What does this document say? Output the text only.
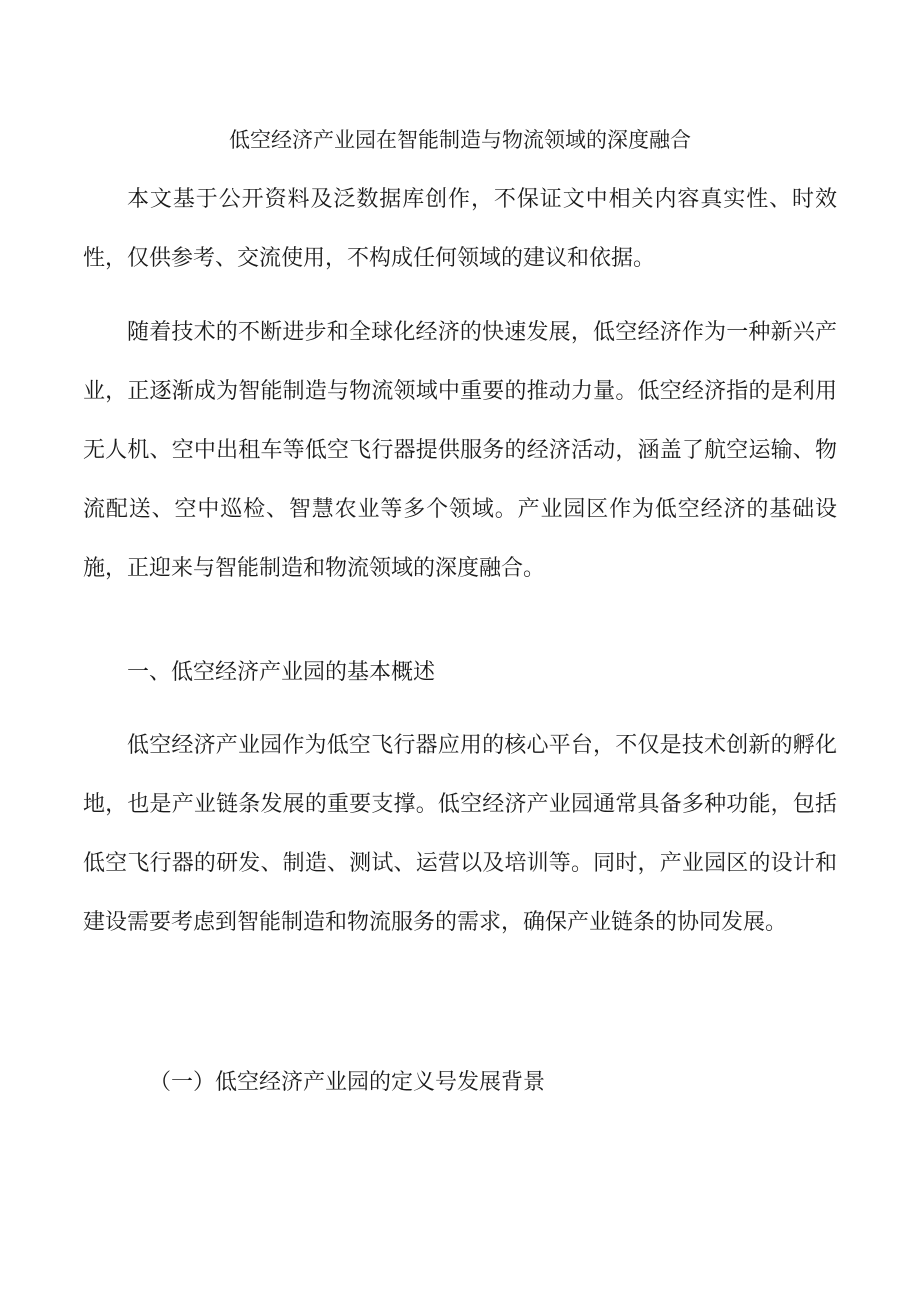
低空经济产业园在智能制造与物流领域的深度融合

本文基于公开资料及泛数据库创作，不保证文中相关内容真实性、时效性，仅供参考、交流使用，不构成任何领域的建议和依据。

随着技术的不断进步和全球化经济的快速发展，低空经济作为一种新兴产业，正逐渐成为智能制造与物流领域中重要的推动力量。低空经济指的是利用无人机、空中出租车等低空飞行器提供服务的经济活动，涵盖了航空运输、物流配送、空中巡检、智慧农业等多个领域。产业园区作为低空经济的基础设施，正迎来与智能制造和物流领域的深度融合。

一、低空经济产业园的基本概述

低空经济产业园作为低空飞行器应用的核心平台，不仅是技术创新的孵化地，也是产业链条发展的重要支撑。低空经济产业园通常具备多种功能，包括低空飞行器的研发、制造、测试、运营以及培训等。同时，产业园区的设计和建设需要考虑到智能制造和物流服务的需求，确保产业链条的协同发展。

（一）低空经济产业园的定义号发展背景
